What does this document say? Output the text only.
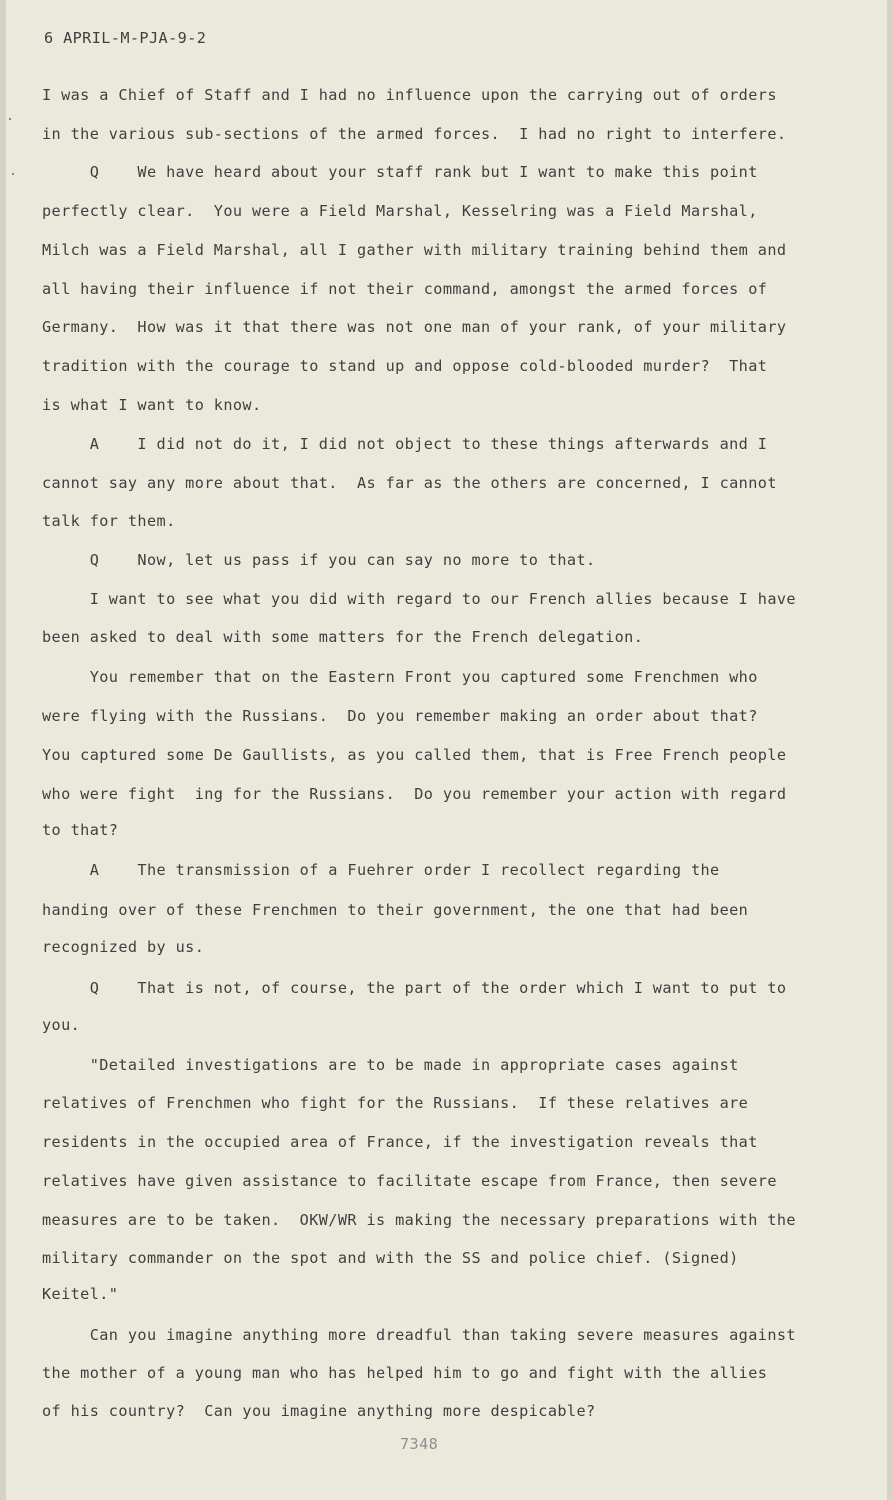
6 APRIL-M-PJA-9-2
I was a Chief of Staff and I had no influence upon the carrying out of orders
in the various sub-sections of the armed forces.  I had no right to interfere.
Q    We have heard about your staff rank but I want to make this point
perfectly clear.  You were a Field Marshal, Kesselring was a Field Marshal,
Milch was a Field Marshal, all I gather with military training behind them and
all having their influence if not their command, amongst the armed forces of
Germany.  How was it that there was not one man of your rank, of your military
tradition with the courage to stand up and oppose cold-blooded murder?  That
is what I want to know.
A    I did not do it, I did not object to these things afterwards and I
cannot say any more about that.  As far as the others are concerned, I cannot
talk for them.
Q    Now, let us pass if you can say no more to that.
I want to see what you did with regard to our French allies because I have
been asked to deal with some matters for the French delegation.
You remember that on the Eastern Front you captured some Frenchmen who
were flying with the Russians.  Do you remember making an order about that?
You captured some De Gaullists, as you called them, that is Free French people
who were fight  ing for the Russians.  Do you remember your action with regard
to that?
A    The transmission of a Fuehrer order I recollect regarding the
handing over of these Frenchmen to their government, the one that had been
recognized by us.
Q    That is not, of course, the part of the order which I want to put to
you.
"Detailed investigations are to be made in appropriate cases against
relatives of Frenchmen who fight for the Russians.  If these relatives are
residents in the occupied area of France, if the investigation reveals that
relatives have given assistance to facilitate escape from France, then severe
measures are to be taken.  OKW/WR is making the necessary preparations with the
military commander on the spot and with the SS and police chief. (Signed)
Keitel."
Can you imagine anything more dreadful than taking severe measures against
the mother of a young man who has helped him to go and fight with the allies
of his country?  Can you imagine anything more despicable?
7348
